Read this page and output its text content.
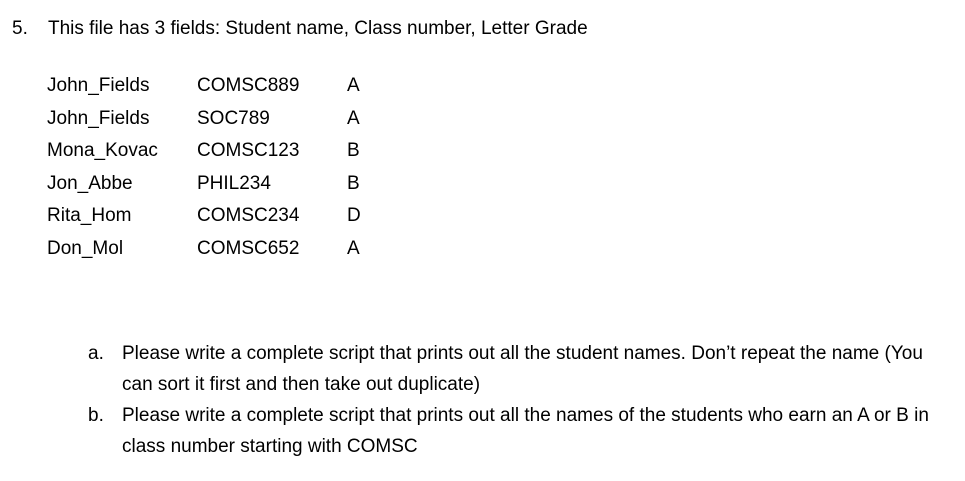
5.	This file has 3 fields: Student name, Class number, Letter Grade
John_Fields	COMSC889	A
John_Fields	SOC789	A
Mona_Kovac COMSC123	B
Jon_Abbe	PHIL234	B
Rita_Hom	COMSC234	D
Don_Mol	COMSC652	A
a. Please write a complete script that prints out all the student names. Don’t repeat the name (You can sort it first and then take out duplicate)
b. Please write a complete script that prints out all the names of the students who earn an A or B in class number starting with COMSC
